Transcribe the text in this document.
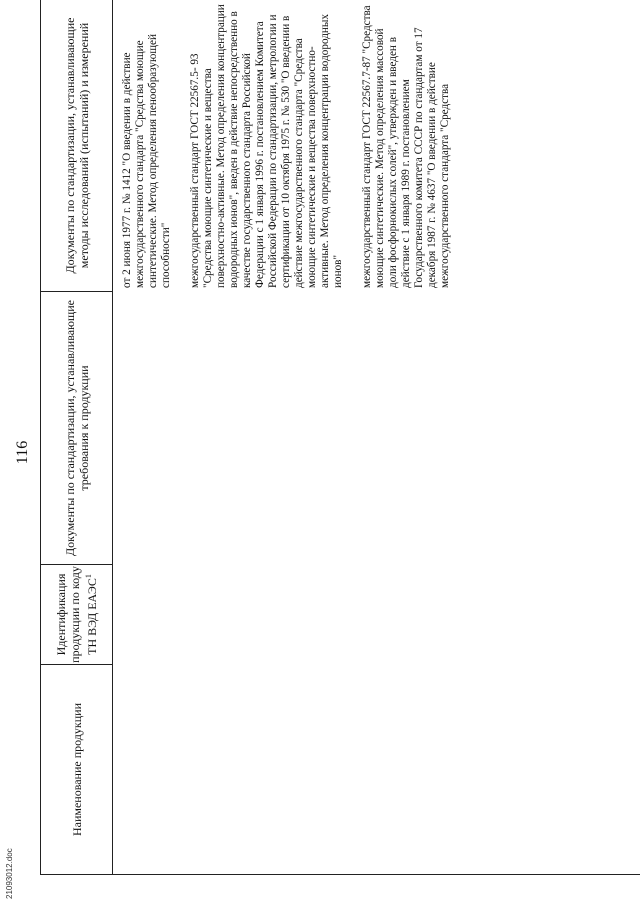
116
Наименование продукции
Идентификация продукции по коду ТН ВЭД ЕАЭС$^1$
Документы по стандартизации, устанавливающие требования к продукции
Документы по стандартизации, устанавливающие методы исследований (испытаний) и измерений	от 2 июня 1977 г. № 1412 "О введении в действие межгосударственного стандарта "Средства моющие синтетические. Метод определения пенообразующей способности" межгосударственный стандарт ГОСТ 22567.5- 93 "Средства моющие синтетические и вещества поверхностно-активные. Метод определения концентрации водородных ионов", введен в действие непосредственно в качестве государственного стандарта Российской Федерации с 1 января 1996 г. постановлением Комитета Российской Федерации по стандартизации, метрологии и сертификации от 10 октября 1975 г. № 530 "О введении в действие межгосударственного стандарта "Средства моющие синтетические и вещества поверхностно-активные. Метод определения концентрации водородных ионов" межгосударственный стандарт ГОСТ 22567.7-87 "Средства моющие синтетические. Метод определения массовой доли фосфорнокислых солей", утвержден и введен в действие с 1 января 1989 г. постановлением Государственного комитета СССР по стандартам от 17 декабря 1987 г. № 4637 "О введении в действие межгосударственного стандарта "Средства

21093012.doc
